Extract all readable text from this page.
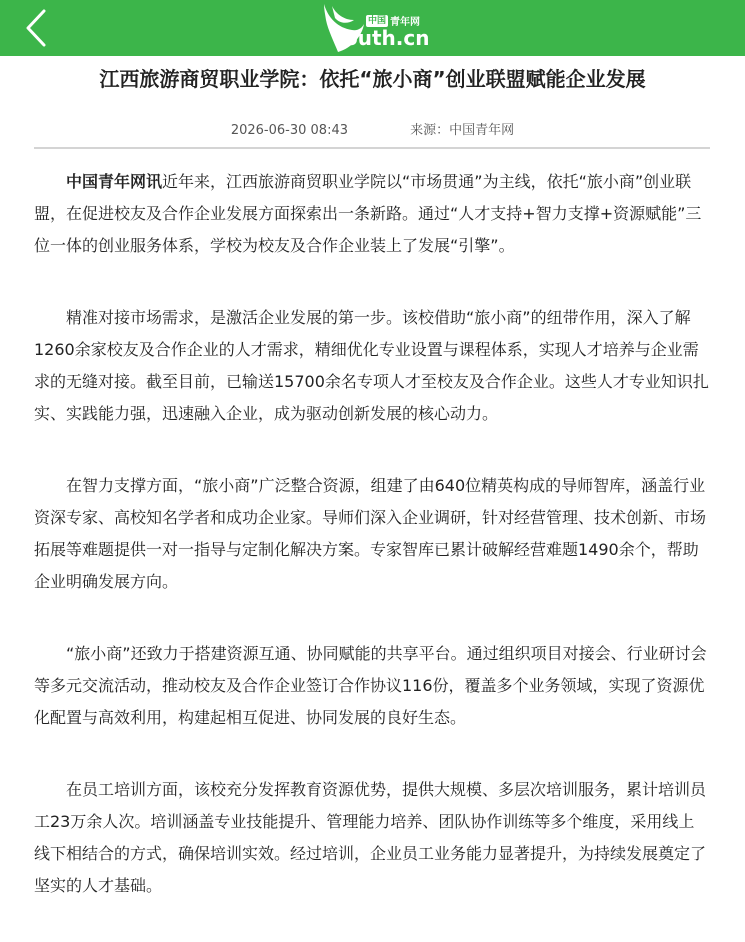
中国 青年网
outh.cn
江西旅游商贸职业学院：依托“旅小商”创业联盟赋能企业发展
2026-06-30 08:43	来源：中国青年网

中国青年网讯近年来，江西旅游商贸职业学院以“市场贯通”为主线，依托“旅小商”创业联盟，在促进校友及合作企业发展方面探索出一条新路。通过“人才支持+智力支撑+资源赋能”三位一体的创业服务体系，学校为校友及合作企业装上了发展“引擎”。

精准对接市场需求，是激活企业发展的第一步。该校借助“旅小商”的纽带作用，深入了解1260余家校友及合作企业的人才需求，精细优化专业设置与课程体系，实现人才培养与企业需求的无缝对接。截至目前，已输送15700余名专项人才至校友及合作企业。这些人才专业知识扎实、实践能力强，迅速融入企业，成为驱动创新发展的核心动力。

在智力支撑方面，“旅小商”广泛整合资源，组建了由640位精英构成的导师智库，涵盖行业资深专家、高校知名学者和成功企业家。导师们深入企业调研，针对经营管理、技术创新、市场拓展等难题提供一对一指导与定制化解决方案。专家智库已累计破解经营难题1490余个，帮助企业明确发展方向。

“旅小商”还致力于搭建资源互通、协同赋能的共享平台。通过组织项目对接会、行业研讨会等多元交流活动，推动校友及合作企业签订合作协议116份，覆盖多个业务领域，实现了资源优化配置与高效利用，构建起相互促进、协同发展的良好生态。

在员工培训方面，该校充分发挥教育资源优势，提供大规模、多层次培训服务，累计培训员工23万余人次。培训涵盖专业技能提升、管理能力培养、团队协作训练等多个维度，采用线上线下相结合的方式，确保培训实效。经过培训，企业员工业务能力显著提升，为持续发展奠定了坚实的人才基础。
